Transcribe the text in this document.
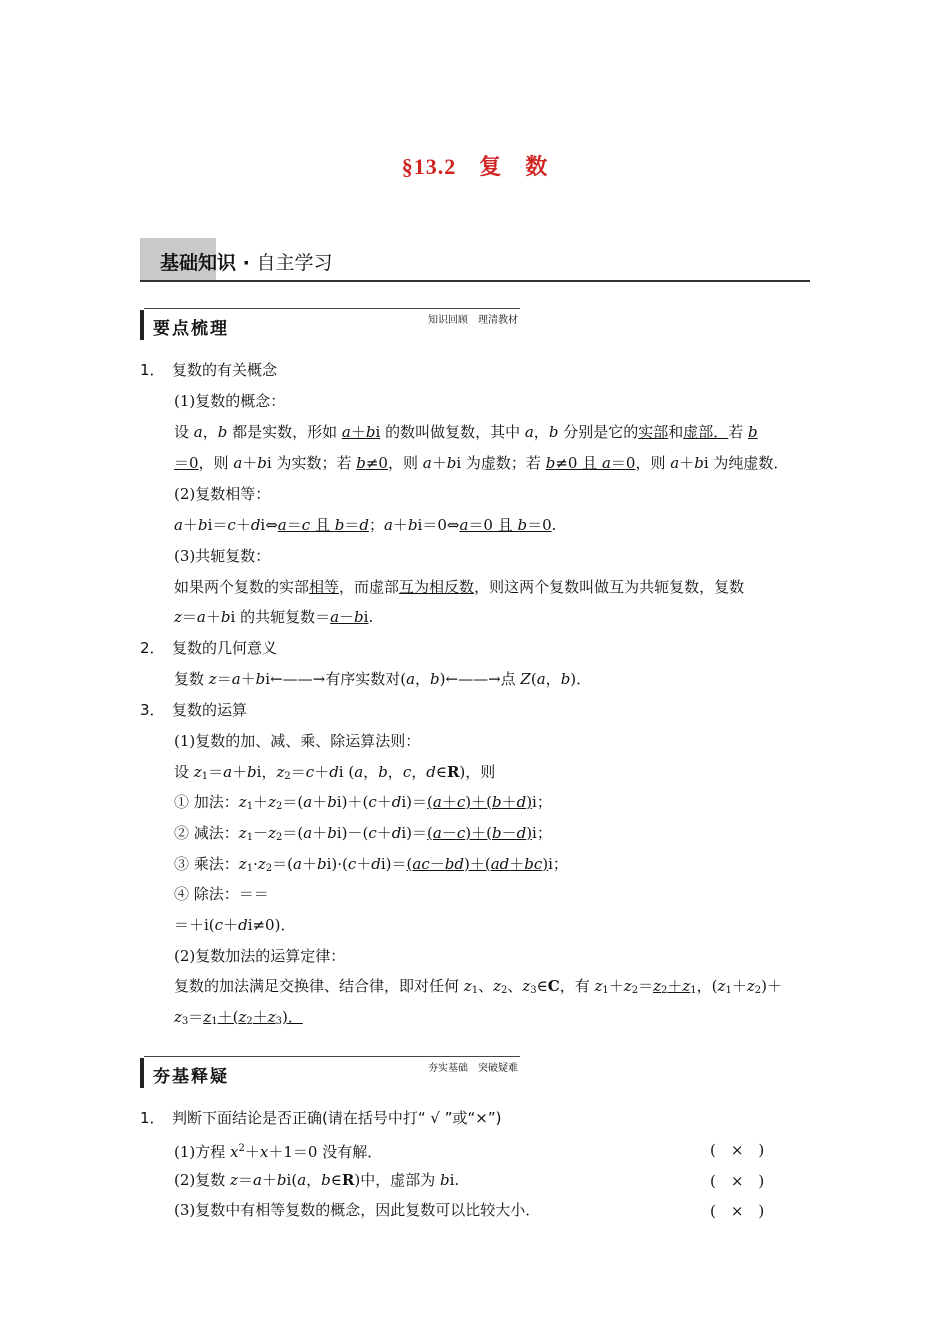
§13.2　复　数
基础知识 · 自主学习
要点梳理	知识回顾　理清教材
1．　复数的有关概念
(1)复数的概念：
设 a，b 都是实数，形如 a＋bi 的数叫做复数，其中 a，b 分别是它的实部和虚部．若 b
＝0，则 a＋bi 为实数；若 b≠0，则 a＋bi 为虚数；若 b≠0 且 a＝0，则 a＋bi 为纯虚数．
(2)复数相等：
a＋bi＝c＋di⇔a＝c 且 b＝d；a＋bi＝0⇔a＝0 且 b＝0.
(3)共轭复数：
如果两个复数的实部相等，而虚部互为相反数，则这两个复数叫做互为共轭复数，复数
z＝a＋bi 的共轭复数＝a－bi.
2．　复数的几何意义
复数 z＝a＋bi←——→有序实数对(a，b)←——→点 Z(a，b)．
3．　复数的运算
(1)复数的加、减、乘、除运算法则：
设 $z_1=a+bi$，$z_2=c+di$ (a，b，c，d∈R)，则
① 加法：$z_1+z_2=(a+bi)+(c+di)=(a+c)+(b+d)i$；
② 减法：$z_1-z_2=(a+bi)-(c+di)=(a-c)+(b-d)i$；
③ 乘法：$z_1\cdot z_2=(a+bi)\cdot(c+di)=(ac-bd)+(ad+bc)i$；
④ 除法：＝＝
＝＋i(c＋di≠0)．
(2)复数加法的运算定律：
复数的加法满足交换律、结合律，即对任何 $z_1$、$z_2$、$z_3\in C$，有 $z_1+z_2=z_2+z_1$，$(z_1+z_2)+$
$z_3=z_1+(z_2+z_3)$．
夯基释疑	夯实基础　突破疑难
1．　判断下面结论是否正确(请在括号中打“ √ ”或“×”)
(1)方程 $x^2+x+1=0$ 没有解．	(　×　)
(2)复数 z＝a＋bi(a，b∈R)中，虚部为 bi.	(　×　)
(3)复数中有相等复数的概念，因此复数可以比较大小．	(　×　)
